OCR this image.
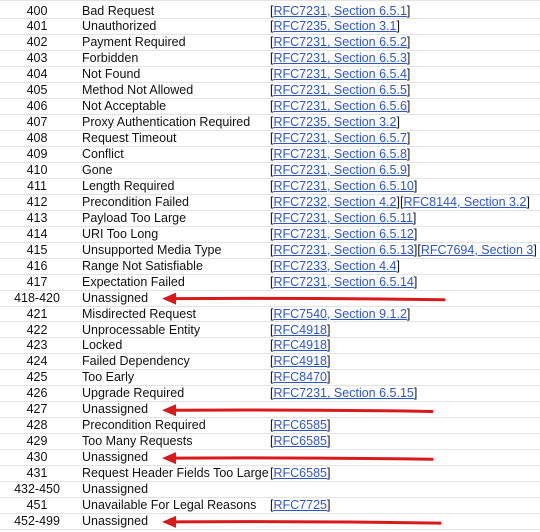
400	Bad Request	[RFC7231, Section 6.5.1]
401	Unauthorized	[RFC7235, Section 3.1]
402	Payment Required	[RFC7231, Section 6.5.2]
403	Forbidden	[RFC7231, Section 6.5.3]
404	Not Found	[RFC7231, Section 6.5.4]
405	Method Not Allowed	[RFC7231, Section 6.5.5]
406	Not Acceptable	[RFC7231, Section 6.5.6]
407	Proxy Authentication Required [RFC7235, Section 3.2]
408	Request Timeout	[RFC7231, Section 6.5.7]
409	Conflict	[RFC7231, Section 6.5.8]
410	Gone	[RFC7231, Section 6.5.9]
411	Length Required	[RFC7231, Section 6.5.10]
412	Precondition Failed	[RFC7232, Section 4.2][RFC8144, Section 3.2]
413	Payload Too Large	[RFC7231, Section 6.5.11]
414	URI Too Long	[RFC7231, Section 6.5.12]
415	Unsupported Media Type	[RFC7231, Section 6.5.13][RFC7694, Section 3]
416	Range Not Satisfiable	[RFC7233, Section 4.4]
417	Expectation Failed	[RFC7231, Section 6.5.14]
418-420	Unassigned
421	Misdirected Request	[RFC7540, Section 9.1.2]
422	Unprocessable Entity	[RFC4918]
423	Locked	[RFC4918]
424	Failed Dependency	[RFC4918]
425	Too Early	[RFC8470]
426	Upgrade Required	[RFC7231, Section 6.5.15]
427	Unassigned
428	Precondition Required	[RFC6585]
429	Too Many Requests	[RFC6585]
430	Unassigned
431	Request Header Fields Too Large [RFC6585]
432-450	Unassigned
451	Unavailable For Legal Reasons [RFC7725]
452-499	Unassigned
